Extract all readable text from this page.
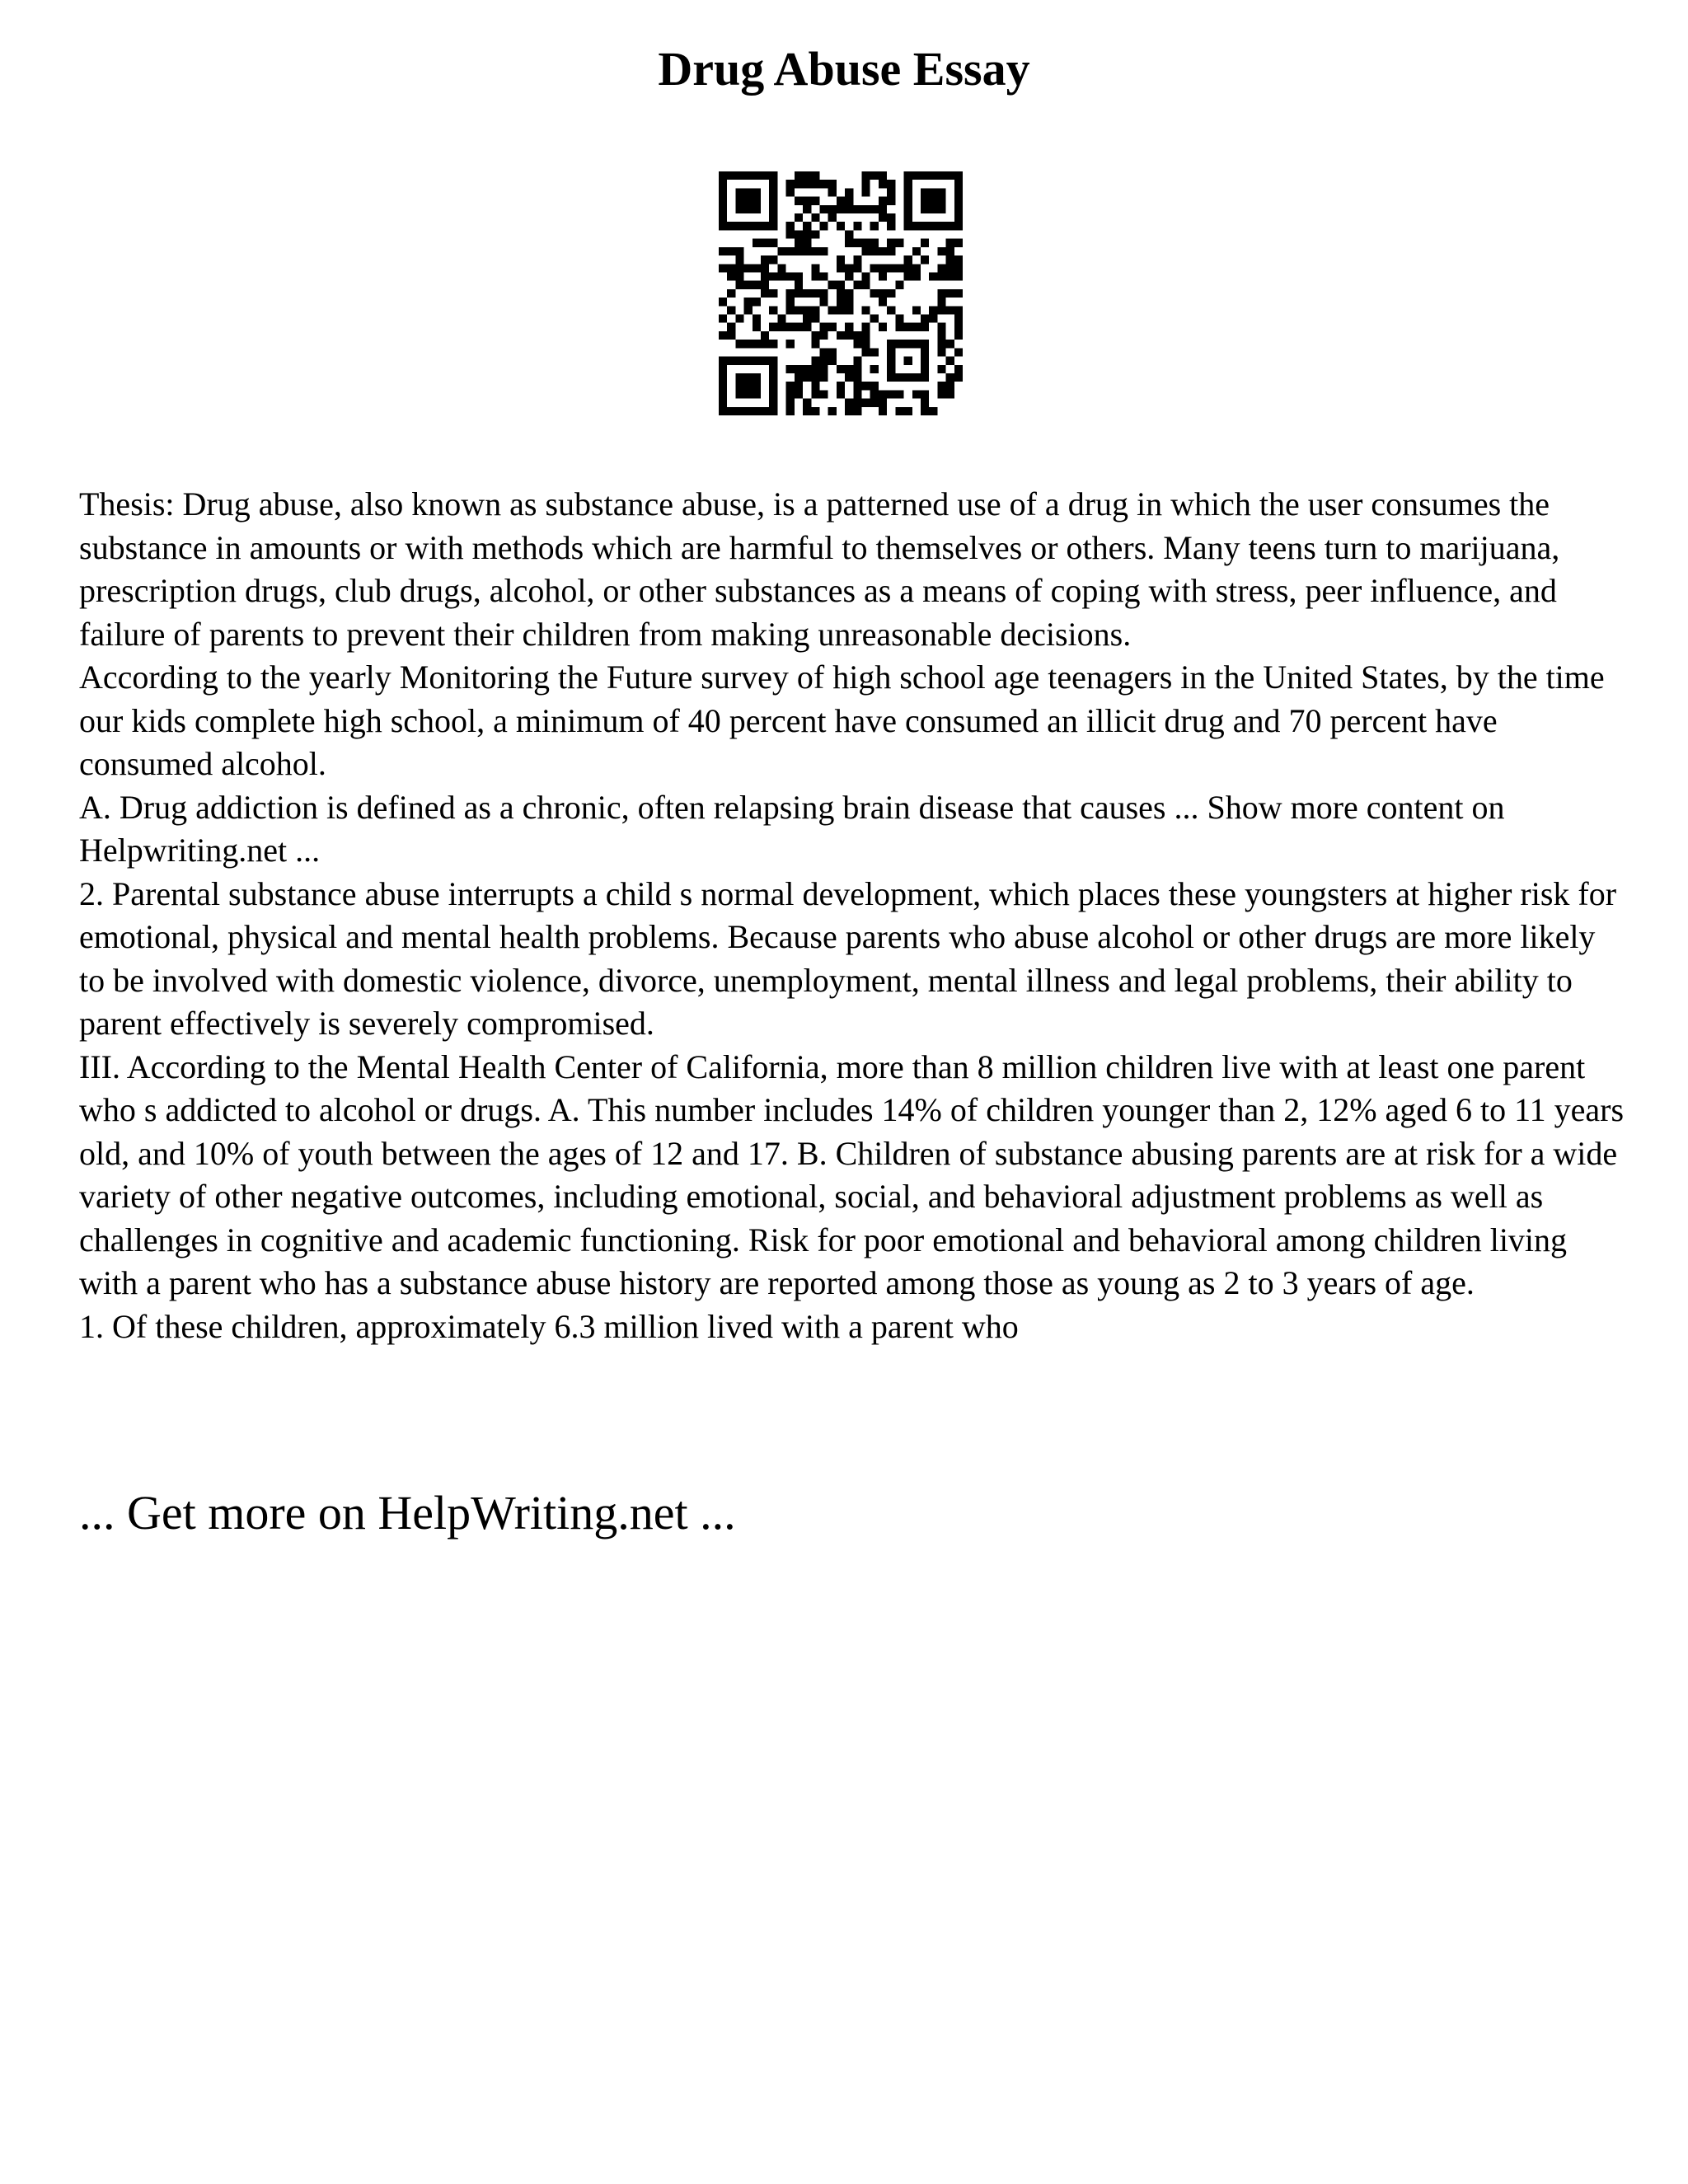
Drug Abuse Essay

Thesis: Drug abuse, also known as substance abuse, is a patterned use of a drug in which the user consumes the substance in amounts or with methods which are harmful to themselves or others. Many teens turn to marijuana, prescription drugs, club drugs, alcohol, or other substances as a means of coping with stress, peer influence, and failure of parents to prevent their children from making unreasonable decisions.

According to the yearly Monitoring the Future survey of high school age teenagers in the United States, by the time our kids complete high school, a minimum of 40 percent have consumed an illicit drug and 70 percent have consumed alcohol.

A. Drug addiction is defined as a chronic, often relapsing brain disease that causes ... Show more content on Helpwriting.net ...

2. Parental substance abuse interrupts a child s normal development, which places these youngsters at higher risk for emotional, physical and mental health problems. Because parents who abuse alcohol or other drugs are more likely to be involved with domestic violence, divorce, unemployment, mental illness and legal problems, their ability to parent effectively is severely compromised.

III. According to the Mental Health Center of California, more than 8 million children live with at least one parent who s addicted to alcohol or drugs. A. This number includes 14% of children younger than 2, 12% aged 6 to 11 years old, and 10% of youth between the ages of 12 and 17. B. Children of substance abusing parents are at risk for a wide variety of other negative outcomes, including emotional, social, and behavioral adjustment problems as well as challenges in cognitive and academic functioning. Risk for poor emotional and behavioral among children living with a parent who has a substance abuse history are reported among those as young as 2 to 3 years of age.

1. Of these children, approximately 6.3 million lived with a parent who

... Get more on HelpWriting.net ...
